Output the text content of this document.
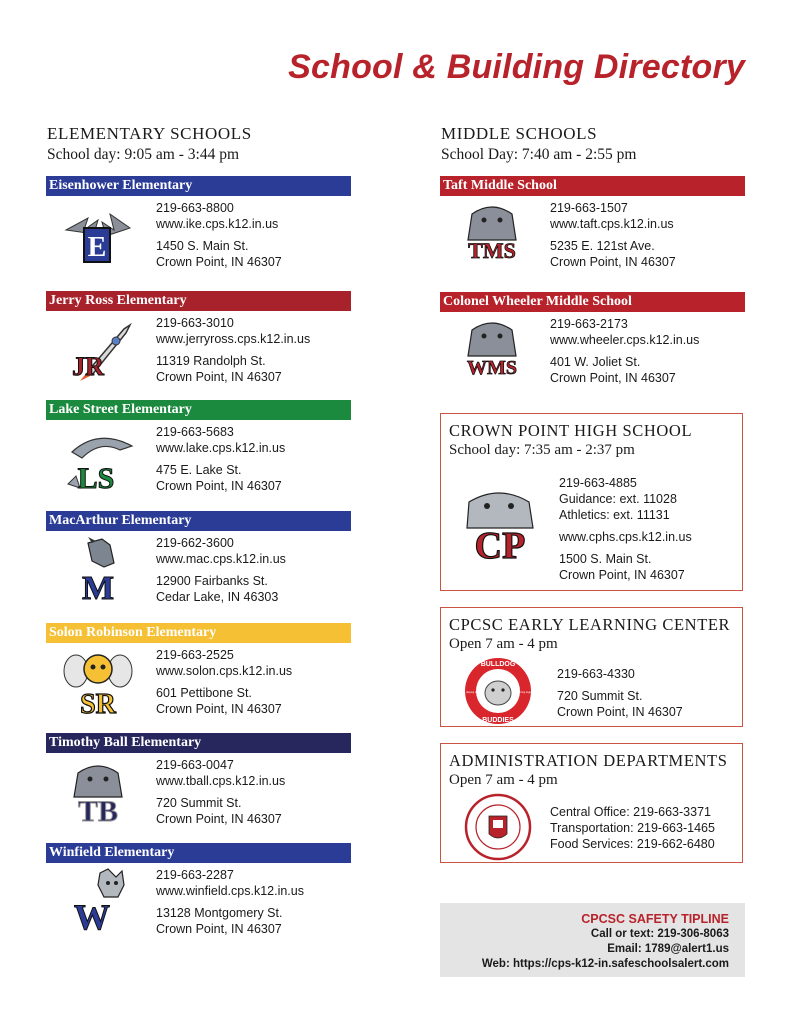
School & Building Directory
ELEMENTARY SCHOOLS
School day: 9:05 am - 3:44 pm
MIDDLE SCHOOLS
School Day: 7:40 am - 2:55 pm
Eisenhower Elementary
E
219-663-8800
www.ike.cps.k12.in.us
1450 S. Main St.
Crown Point, IN 46307
Jerry Ross Elementary
JR
219-663-3010
www.jerryross.cps.k12.in.us
11319 Randolph St.
Crown Point, IN 46307
Lake Street Elementary
LS
219-663-5683
www.lake.cps.k12.in.us
475 E. Lake St.
Crown Point, IN 46307
MacArthur Elementary
M
219-662-3600
www.mac.cps.k12.in.us
12900 Fairbanks St.
Cedar Lake, IN 46303
Solon Robinson Elementary
SR
219-663-2525
www.solon.cps.k12.in.us
601 Pettibone St.
Crown Point, IN 46307
Timothy Ball Elementary
TB
219-663-0047
www.tball.cps.k12.in.us
720 Summit St.
Crown Point, IN 46307
Winfield Elementary
W
219-663-2287
www.winfield.cps.k12.in.us
13128 Montgomery St.
Crown Point, IN 46307
Taft Middle School
TMS
219-663-1507
www.taft.cps.k12.in.us
5235 E. 121st Ave.
Crown Point, IN 46307
Colonel Wheeler Middle School
WMS
219-663-2173
www.wheeler.cps.k12.in.us
401 W. Joliet St.
Crown Point, IN 46307
CROWN POINT HIGH SCHOOL
School day: 7:35 am - 2:37 pm
CP
219-663-4885
Guidance: ext. 11028
Athletics: ext. 11131
www.cphs.cps.k12.in.us
1500 S. Main St.
Crown Point, IN 46307
CPCSC EARLY LEARNING CENTER
Open 7 am - 4 pm
BULLDOG
BUDDIES
playing together	learning together
219-663-4330
720 Summit St.
Crown Point, IN 46307
ADMINISTRATION DEPARTMENTS
Open 7 am - 4 pm
Central Office: 219-663-3371
Transportation: 219-663-1465
Food Services: 219-662-6480
CPCSC SAFETY TIPLINE
Call or text: 219-306-8063
Email: 1789@alert1.us
Web: https://cps-k12-in.safeschoolsalert.com
